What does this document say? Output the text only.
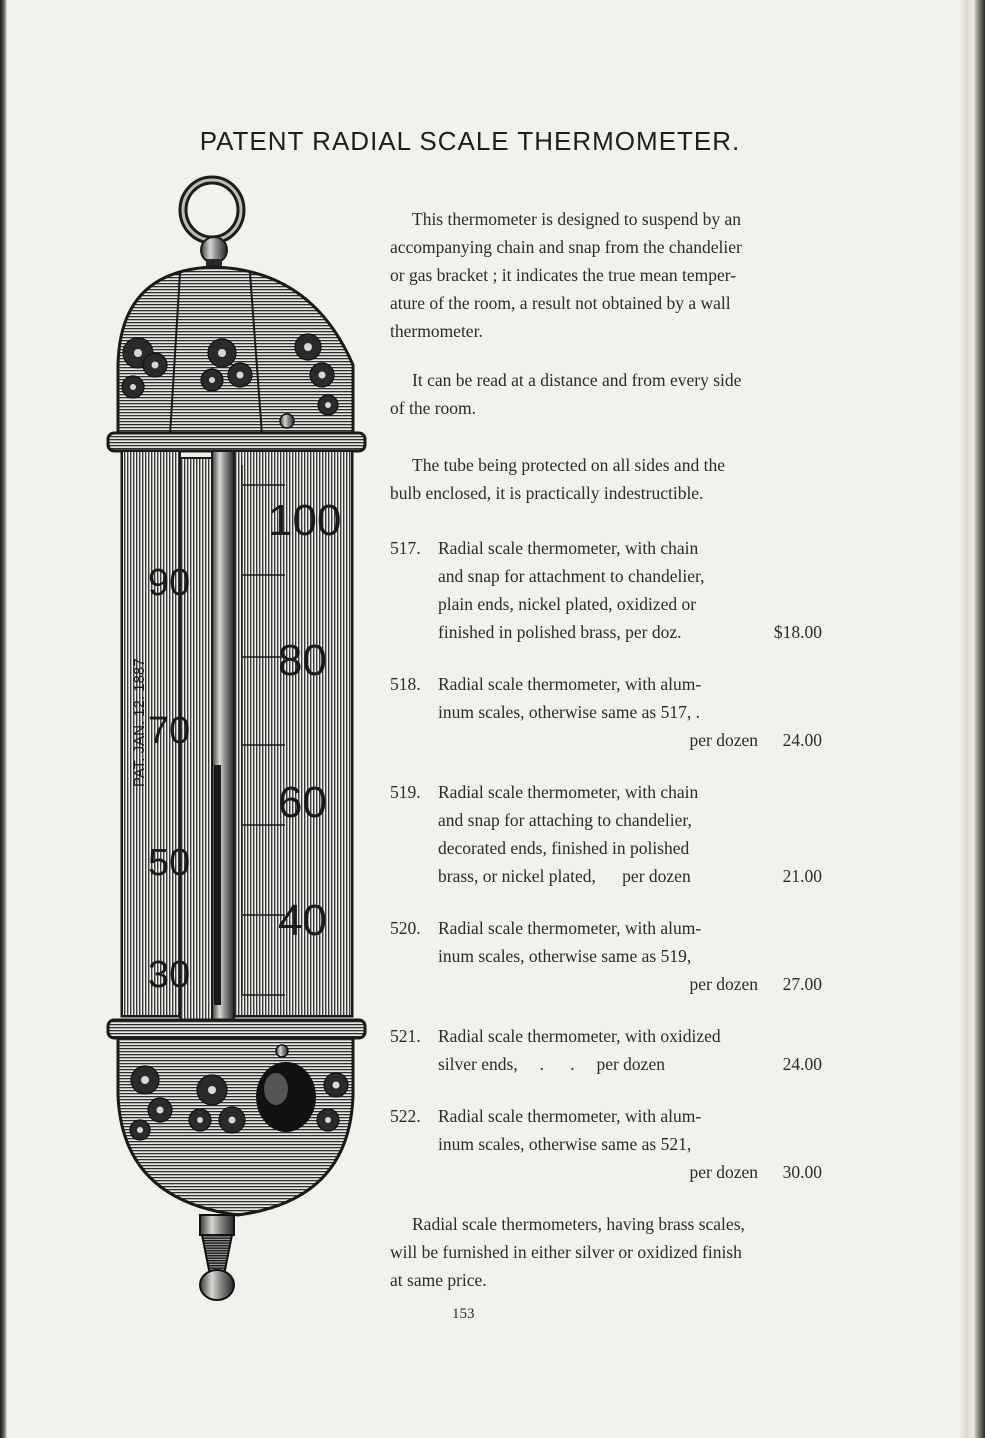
PATENT RADIAL SCALE THERMOMETER.
100
80
60
40
90
70
50
30
PAT. JAN. 12. 1887
This thermometer is designed to suspend by an
accompanying chain and snap from the chandelier
or gas bracket ; it indicates the true mean temper-
ature of the room, a result not obtained by a wall
thermometer.
It can be read at a distance and from every side
of the room.
The tube being protected on all sides and the
bulb enclosed, it is practically indestructible.
517. Radial scale thermometer, with chain
and snap for attachment to chandelier,
plain ends, nickel plated, oxidized or
finished in polished brass, per doz.	$18.00
518. Radial scale thermometer, with alum-
inum scales, otherwise same as 517, .
per dozen 24.00
519. Radial scale thermometer, with chain
and snap for attaching to chandelier,
decorated ends, finished in polished
brass, or nickel plated,      per dozen	21.00
520. Radial scale thermometer, with alum-
inum scales, otherwise same as 519,
per dozen 27.00
521. Radial scale thermometer, with oxidized
silver ends,     .      .     per dozen	24.00
522. Radial scale thermometer, with alum-
inum scales, otherwise same as 521,
per dozen 30.00
Radial scale thermometers, having brass scales,
will be furnished in either silver or oxidized finish
at same price.
153
